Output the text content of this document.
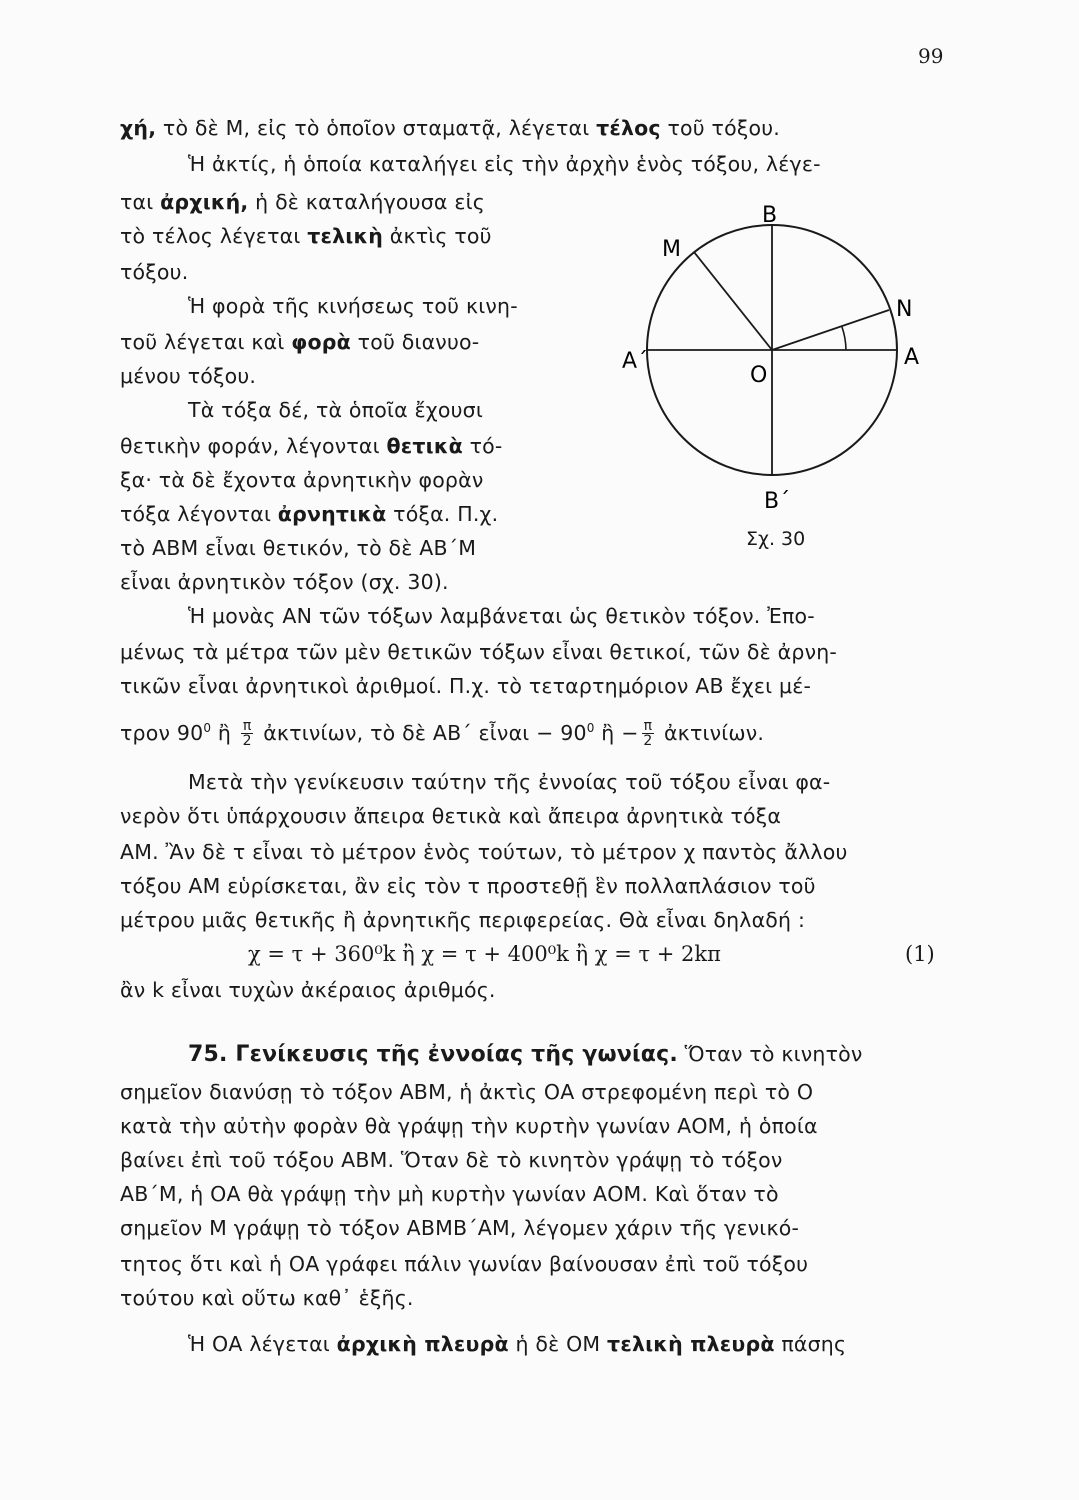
99
χή, τὸ δὲ Μ, εἰς τὸ ὁποῖον σταματᾷ, λέγεται τέλος τοῦ τόξου.
Ἡ ἀκτίς, ἡ ὁποία καταλήγει εἰς τὴν ἀρχὴν ἑνὸς τόξου, λέγε-
ται ἀρχική, ἡ δὲ καταλήγουσα εἰς
τὸ τέλος λέγεται τελικὴ ἀκτὶς τοῦ
τόξου.
Ἡ φορὰ τῆς κινήσεως τοῦ κινη-
τοῦ λέγεται καὶ φορὰ τοῦ διανυο-
μένου τόξου.
Τὰ τόξα δέ, τὰ ὁποῖα ἔχουσι
θετικὴν φοράν, λέγονται θετικὰ τό-
ξα· τὰ δὲ ἔχοντα ἀρνητικὴν φορὰν
τόξα λέγονται ἀρνητικὰ τόξα. Π.χ.
τὸ ΑΒΜ εἶναι θετικόν, τὸ δὲ ΑΒ΄Μ
εἶναι ἀρνητικὸν τόξον (σχ. 30).
B
M
N
A
Α΄
O
B΄
Σχ. 30
Ἡ μονὰς ΑΝ τῶν τόξων λαμβάνεται ὡς θετικὸν τόξον. Ἐπο-
μένως τὰ μέτρα τῶν μὲν θετικῶν τόξων εἶναι θετικοί, τῶν δὲ ἀρνη-
τικῶν εἶναι ἀρνητικοὶ ἀριθμοί. Π.χ. τὸ τεταρτημόριον ΑΒ ἔχει μέ-
τρον $90^0$ ἢ $\frac{\pi}{2}$ ἀκτινίων, τὸ δὲ ΑΒ΄ εἶναι − $90^0$ ἢ − $\frac{\pi}{2}$ ἀκτινίων.
Μετὰ τὴν γενίκευσιν ταύτην τῆς ἐννοίας τοῦ τόξου εἶναι φα-
νερὸν ὅτι ὑπάρχουσιν ἄπειρα θετικὰ καὶ ἄπειρα ἀρνητικὰ τόξα
ΑΜ. Ἂν δὲ τ εἶναι τὸ μέτρον ἑνὸς τούτων, τὸ μέτρον χ παντὸς ἄλλου
τόξου ΑΜ εὑρίσκεται, ἂν εἰς τὸν τ προστεθῇ ἓν πολλαπλάσιον τοῦ
μέτρου μιᾶς θετικῆς ἢ ἀρνητικῆς περιφερείας. Θὰ εἶναι δηλαδή :
χ = τ + 360⁰k ἢ χ = τ + 400⁰k ἢ χ = τ + 2kπ	(1)
ἂν k εἶναι τυχὼν ἀκέραιος ἀριθμός.
75. Γενίκευσις τῆς ἐννοίας τῆς γωνίας. Ὅταν τὸ κινητὸν
σημεῖον διανύσῃ τὸ τόξον ΑΒΜ, ἡ ἀκτὶς ΟΑ στρεφομένη περὶ τὸ Ο
κατὰ τὴν αὐτὴν φορὰν θὰ γράψῃ τὴν κυρτὴν γωνίαν ΑΟΜ, ἡ ὁποία
βαίνει ἐπὶ τοῦ τόξου ΑΒΜ. Ὅταν δὲ τὸ κινητὸν γράψῃ τὸ τόξον
ΑΒ΄Μ, ἡ ΟΑ θὰ γράψῃ τὴν μὴ κυρτὴν γωνίαν ΑΟΜ. Καὶ ὅταν τὸ
σημεῖον Μ γράψῃ τὸ τόξον ΑΒΜΒ΄ΑΜ, λέγομεν χάριν τῆς γενικό-
τητος ὅτι καὶ ἡ ΟΑ γράφει πάλιν γωνίαν βαίνουσαν ἐπὶ τοῦ τόξου
τούτου καὶ οὕτω καθ᾽ ἑξῆς.
Ἡ ΟΑ λέγεται ἀρχικὴ πλευρὰ ἡ δὲ ΟΜ τελικὴ πλευρὰ πάσης
